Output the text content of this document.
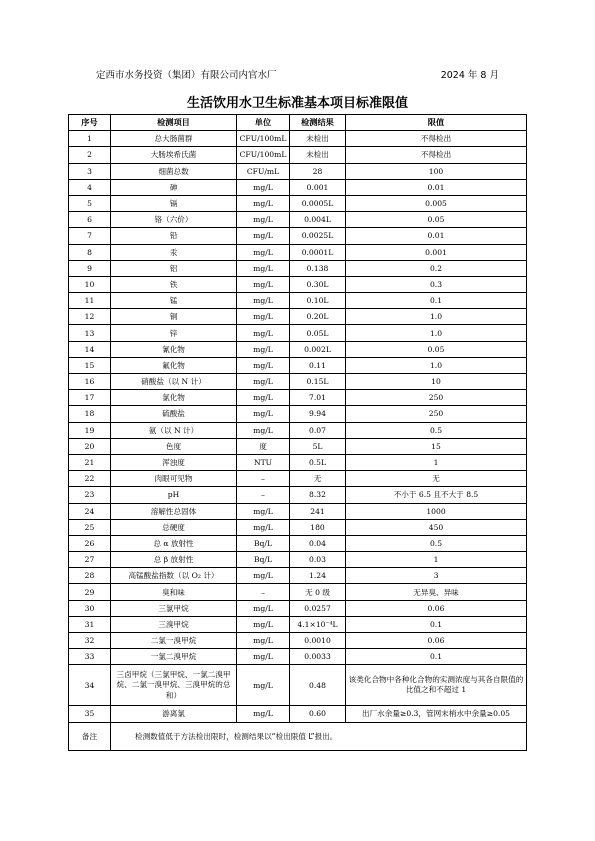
定西市水务投资（集团）有限公司内官水厂	2024 年 8 月
生活饮用水卫生标准基本项目标准限值
序号	检测项目	单位	检测结果	限值
1	总大肠菌群	CFU/100mL	未检出	不得检出
2	大肠埃希氏菌	CFU/100mL	未检出	不得检出
3	细菌总数	CFU/mL	28	100
4	砷	mg/L	0.001	0.01
5	镉	mg/L	0.0005L	0.005
6	铬（六价）	mg/L	0.004L	0.05
7	铅	mg/L	0.0025L	0.01
8	汞	mg/L	0.0001L	0.001
9	铝	mg/L	0.138	0.2
10	铁	mg/L	0.30L	0.3
11	锰	mg/L	0.10L	0.1
12	铜	mg/L	0.20L	1.0
13	锌	mg/L	0.05L	1.0
14	氰化物	mg/L	0.002L	0.05
15	氟化物	mg/L	0.11	1.0
16	硝酸盐（以 N 计）	mg/L	0.15L	10
17	氯化物	mg/L	7.01	250
18	硫酸盐	mg/L	9.94	250
19	氨（以 N 计）	mg/L	0.07	0.5
20	色度	度	5L	15
21	浑浊度	NTU	0.5L	1
22	肉眼可见物	–	无	无
23	pH	–	8.32	不小于 6.5 且不大于 8.5
24	溶解性总固体	mg/L	241	1000
25	总硬度	mg/L	180	450
26	总 α 放射性	Bq/L	0.04	0.5
27	总 β 放射性	Bq/L	0.03	1
28	高锰酸盐指数（以 O₂ 计）	mg/L	1.24	3
29	臭和味	–	无 0 级	无异臭、异味
30	三氯甲烷	mg/L	0.0257	0.06
31	三溴甲烷	mg/L	4.1×10⁻⁴L	0.1
32	二氯一溴甲烷	mg/L	0.0010	0.06
33	一氯二溴甲烷	mg/L	0.0033	0.1
34	三卤甲烷（三氯甲烷、一氯二溴甲烷、二氯一溴甲烷、三溴甲烷的总和）	mg/L	0.48	该类化合物中各种化合物的实测浓度与其各自限值的比值之和不超过 1
35	游离氯	mg/L	0.60	出厂水余量≥0.3，管网末梢水中余量≥0.05
备注	检测数值低于方法检出限时，检测结果以“检出限值 L”报出。			
